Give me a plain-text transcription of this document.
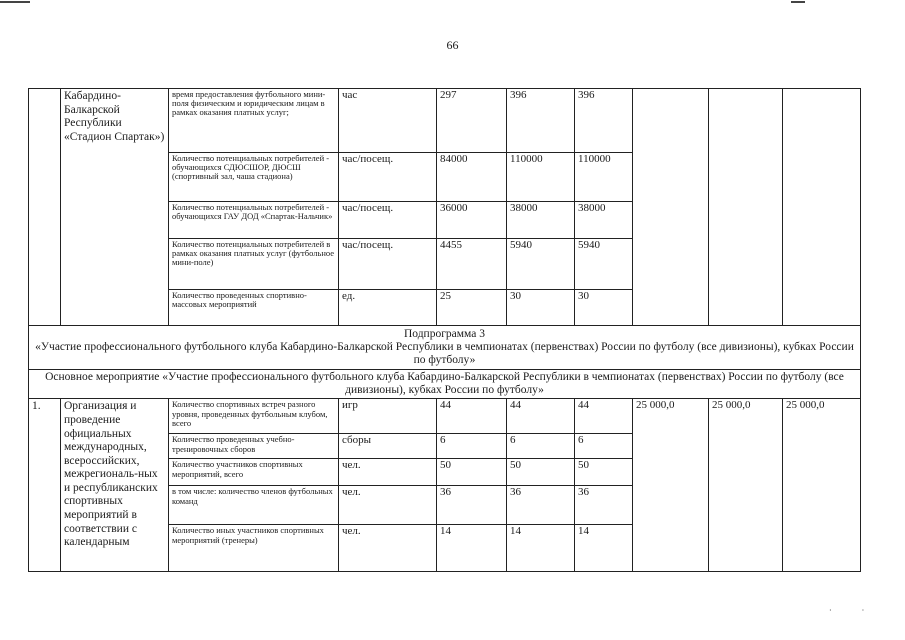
66
	Кабардино-Балкарской Республики «Стадион Спартак»)	время предоставления футбольного мини-поля физическим и юридическим лицам в рамках оказания платных услуг;	час	297	396	396			
		Количество потенциальных потребителей - обучающихся СДЮСШОР, ДЮСШ (спортивный зал, чаша стадиона)	час/посещ.	84000	110000	110000			
		Количество потенциальных потребителей - обучающихся ГАУ ДОД «Спартак-Нальчик»	час/посещ.	36000	38000	38000			
		Количество потенциальных потребителей в рамках оказания платных услуг (футбольное мини-поле)	час/посещ.	4455	5940	5940			
		Количество проведенных спортивно-массовых мероприятий	ед.	25	30	30			

Подпрограмма 3
«Участие профессионального футбольного клуба Кабардино-Балкарской Республики в чемпионатах (первенствах) России по футболу (все дивизионы), кубках России по футболу»									

Основное мероприятие «Участие профессионального футбольного клуба Кабардино-Балкарской Республики в чемпионатах (первенствах) России по футболу (все дивизионы), кубках России по футболу»									
1.	Организация и проведение официальных международных, всероссийских, межрегиональ-ных и республиканских спортивных мероприятий в соответствии с календарным	Количество спортивных встреч разного уровня, проведенных футбольным клубом, всего	игр	44	44	44	25 000,0	25 000,0	25 000,0
		Количество проведенных учебно-тренировочных сборов	сборы	6	6	6			
		Количество участников спортивных мероприятий, всего	чел.	50	50	50			
		в том числе: количество членов футбольных команд	чел.	36	36	36			
		Количество иных участников спортивных мероприятий (тренеры)	чел.	14	14	14			
·	·
